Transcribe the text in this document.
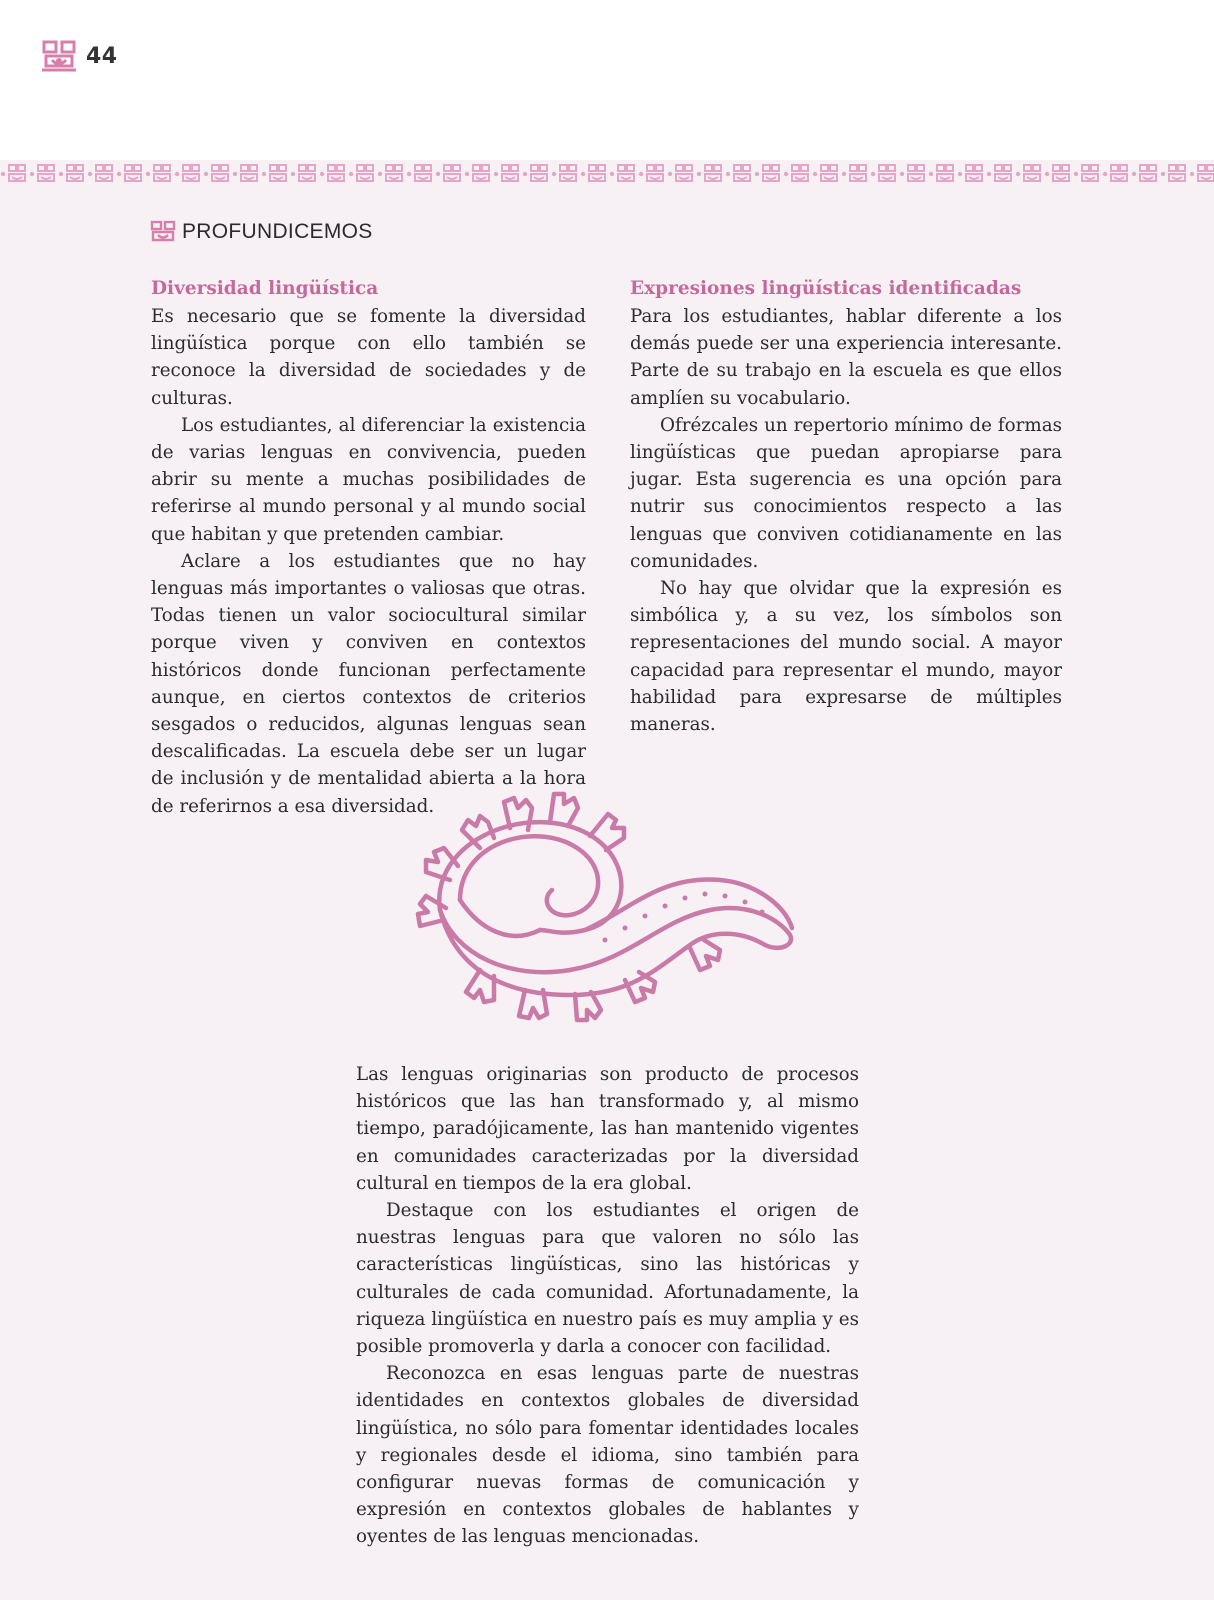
44
PROFUNDICEMOS
Diversidad lingüística

Es necesario que se fomente la diversidad lingüística porque con ello también se reconoce la diversidad de sociedades y de culturas.

Los estudiantes, al diferenciar la existencia de varias lenguas en convivencia, pueden abrir su mente a muchas posibilidades de referirse al mundo personal y al mundo social que habitan y que pretenden cambiar.

Aclare a los estudiantes que no hay lenguas más importantes o valiosas que otras. Todas tienen un valor sociocultural similar porque viven y conviven en contextos históricos donde funcionan perfectamente aunque, en ciertos contextos de criterios sesgados o reducidos, algunas lenguas sean descalificadas. La escuela debe ser un lugar de inclusión y de mentalidad abierta a la hora de referirnos a esa diversidad.

Expresiones lingüísticas identificadas

Para los estudiantes, hablar diferente a los demás puede ser una experiencia interesante. Parte de su trabajo en la escuela es que ellos amplíen su vocabulario.

Ofrézcales un repertorio mínimo de formas lingüísticas que puedan apropiarse para jugar. Esta sugerencia es una opción para nutrir sus conocimientos respecto a las lenguas que conviven cotidianamente en las comunidades.

No hay que olvidar que la expresión es simbólica y, a su vez, los símbolos son representaciones del mundo social. A mayor capacidad para representar el mundo, mayor habilidad para expresarse de múltiples maneras.

Las lenguas originarias son producto de procesos históricos que las han transformado y, al mismo tiempo, paradójicamente, las han mantenido vigentes en comunidades caracterizadas por la diversidad cultural en tiempos de la era global.

Destaque con los estudiantes el origen de nuestras lenguas para que valoren no sólo las características lingüísticas, sino las históricas y culturales de cada comunidad. Afortunadamente, la riqueza lingüística en nuestro país es muy amplia y es posible promoverla y darla a conocer con facilidad.

Reconozca en esas lenguas parte de nuestras identidades en contextos globales de diversidad lingüística, no sólo para fomentar identidades locales y regionales desde el idioma, sino también para configurar nuevas formas de comunicación y expresión en contextos globales de hablantes y oyentes de las lenguas mencionadas.
